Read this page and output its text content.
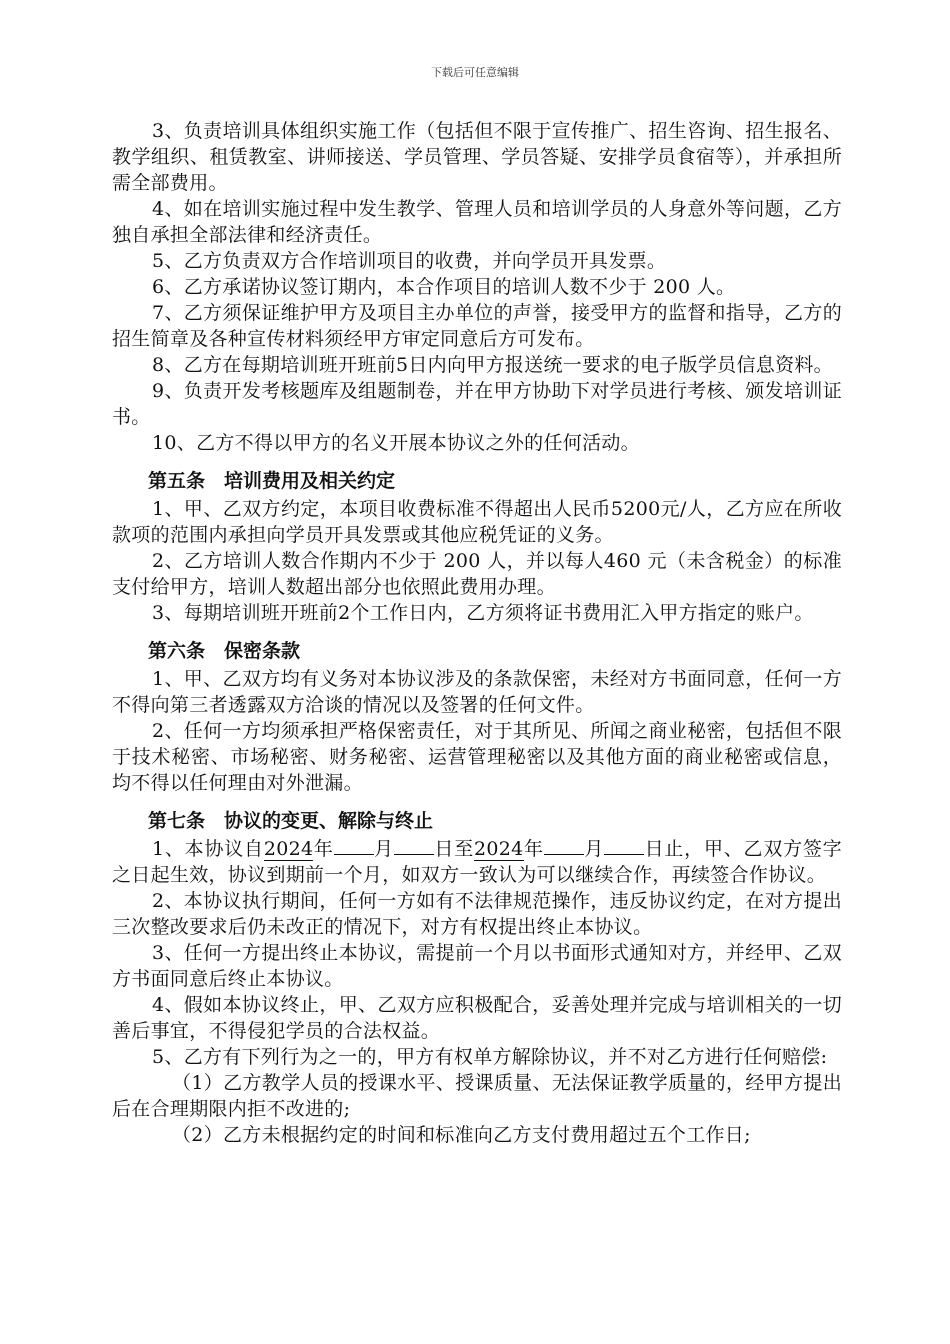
下载后可任意编辑

3、负责培训具体组织实施工作（包括但不限于宣传推广、招生咨询、招生报名、教学组织、租赁教室、讲师接送、学员管理、学员答疑、安排学员食宿等），并承担所需全部费用。

4、如在培训实施过程中发生教学、管理人员和培训学员的人身意外等问题，乙方独自承担全部法律和经济责任。

5、乙方负责双方合作培训项目的收费，并向学员开具发票。

6、乙方承诺协议签订期内，本合作项目的培训人数不少于 200 人。

7、乙方须保证维护甲方及项目主办单位的声誉，接受甲方的监督和指导，乙方的招生简章及各种宣传材料须经甲方审定同意后方可发布。

8、乙方在每期培训班开班前5日内向甲方报送统一要求的电子版学员信息资料。

9、负责开发考核题库及组题制卷，并在甲方协助下对学员进行考核、颁发培训证书。

10、乙方不得以甲方的名义开展本协议之外的任何活动。

第五条　培训费用及相关约定

1、甲、乙双方约定，本项目收费标准不得超出人民币5200元/人，乙方应在所收款项的范围内承担向学员开具发票或其他应税凭证的义务。

2、乙方培训人数合作期内不少于 200 人，并以每人460 元（未含税金）的标准支付给甲方，培训人数超出部分也依照此费用办理。

3、每期培训班开班前2个工作日内，乙方须将证书费用汇入甲方指定的账户。

第六条　保密条款

1、甲、乙双方均有义务对本协议涉及的条款保密，未经对方书面同意，任何一方不得向第三者透露双方洽谈的情况以及签署的任何文件。

2、任何一方均须承担严格保密责任，对于其所见、所闻之商业秘密，包括但不限于技术秘密、市场秘密、财务秘密、运营管理秘密以及其他方面的商业秘密或信息，均不得以任何理由对外泄漏。

第七条　协议的变更、解除与终止

1、本协议自2024年 月 日至2024年 月 日止，甲、乙双方签字之日起生效，协议到期前一个月，如双方一致认为可以继续合作，再续签合作协议。

2、本协议执行期间，任何一方如有不法律规范操作，违反协议约定，在对方提出三次整改要求后仍未改正的情况下，对方有权提出终止本协议。

3、任何一方提出终止本协议，需提前一个月以书面形式通知对方，并经甲、乙双方书面同意后终止本协议。

4、假如本协议终止，甲、乙双方应积极配合，妥善处理并完成与培训相关的一切善后事宜，不得侵犯学员的合法权益。

5、乙方有下列行为之一的，甲方有权单方解除协议，并不对乙方进行任何赔偿:

（1）乙方教学人员的授课水平、授课质量、无法保证教学质量的，经甲方提出后在合理期限内拒不改进的;

（2）乙方未根据约定的时间和标准向乙方支付费用超过五个工作日;
